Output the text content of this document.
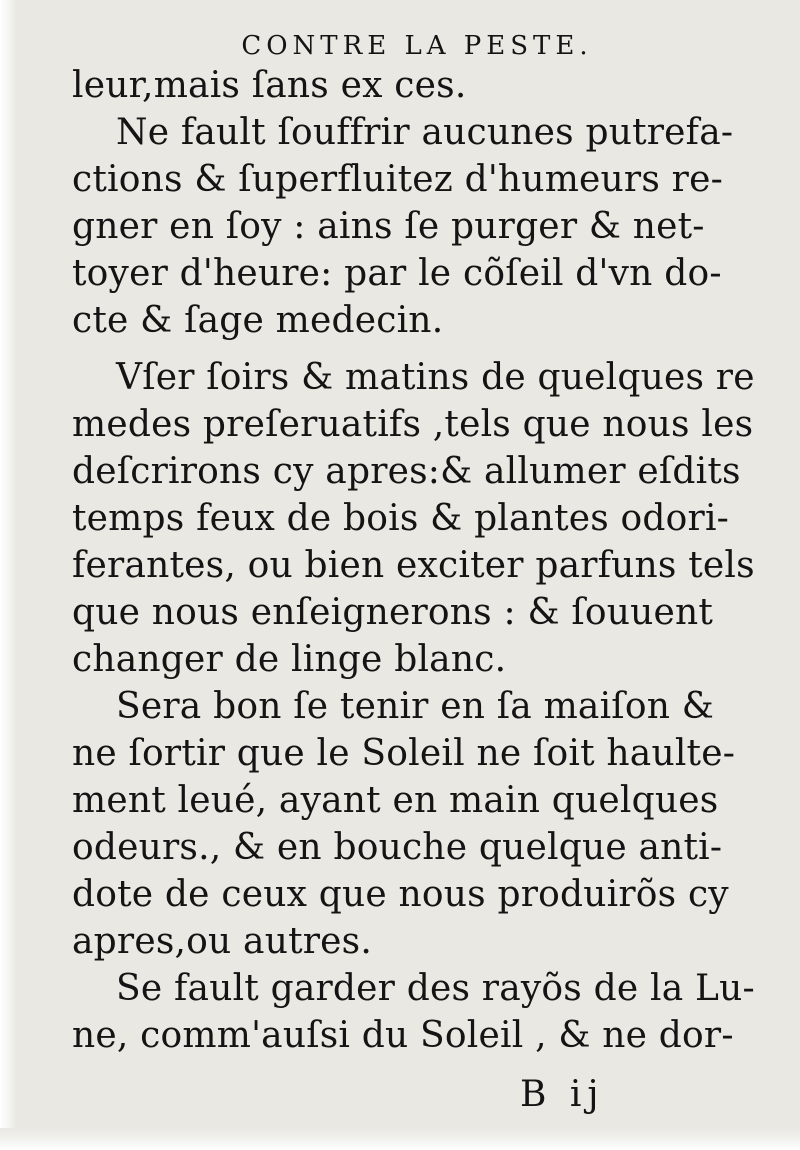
CONTRE LA PESTE.
leur,mais ſans ex ces.
Ne fault ſouffrir aucunes putrefa-
ctions & ſuperfluitez d'humeurs re-
gner en ſoy : ains ſe purger & net-
toyer d'heure: par le cõſeil d'vn do-
cte & ſage medecin.
Vſer ſoirs & matins de quelques re
medes preſeruatifs ,tels que nous les
deſcrirons cy apres:& allumer eſdits
temps feux de bois & plantes odori-
ferantes, ou bien exciter parfuns tels
que nous enſeignerons : & ſouuent
changer de linge blanc.
Sera bon ſe tenir en ſa maiſon &
ne ſortir que le Soleil ne ſoit haulte-
ment leué, ayant en main quelques
odeurs., & en bouche quelque anti-
dote de ceux que nous produirõs cy
apres,ou autres.
Se fault garder des rayõs de la Lu-
ne, comm'auſsi du Soleil , & ne dor-
B ij
